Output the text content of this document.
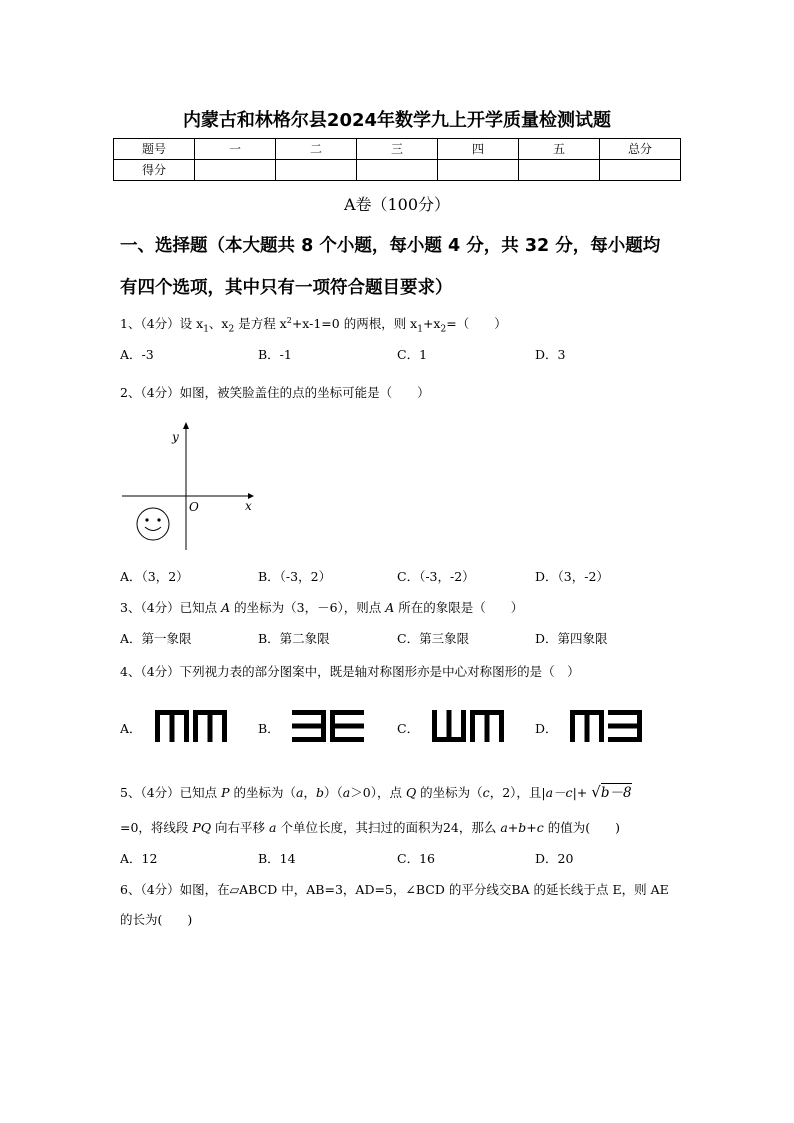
内蒙古和林格尔县2024年数学九上开学质量检测试题
题号	一	二	三	四	五	总分
得分						
A卷（100分）
一、选择题（本大题共 8 个小题，每小题 4 分，共 32 分，每小题均
有四个选项，其中只有一项符合题目要求）
1、（4分）设 $x_1$、$x_2$ 是方程 $x^2+x-1=0$ 的两根，则 $x_1+x_2=$（　　）
A．-3	B．-1	C．1	D．3
2、（4分）如图，被笑脸盖住的点的坐标可能是（　　）
x
y
O
A．（3，2）	B．（-3，2）	C．（-3，-2）	D．（3，-2）
3、（4分）已知点 A 的坐标为（3，－6），则点 A 所在的象限是（　　）
A．第一象限	B．第二象限	C．第三象限	D．第四象限
4、（4分）下列视力表的部分图案中，既是轴对称图形亦是中心对称图形的是（　）
A．	B．	C．	D．
5、（4分）已知点 P 的坐标为（a，b）（a＞0），点 Q 的坐标为（c，2），且|a－c|+ √b－8
=0，将线段 PQ 向右平移 a 个单位长度，其扫过的面积为24，那么 a+b+c 的值为(　　)
A．12	B．14	C．16	D．20
6、（4分）如图，在▱ABCD 中，AB=3，AD=5，∠BCD 的平分线交BA 的延长线于点 E，则 AE
的长为(　　)
